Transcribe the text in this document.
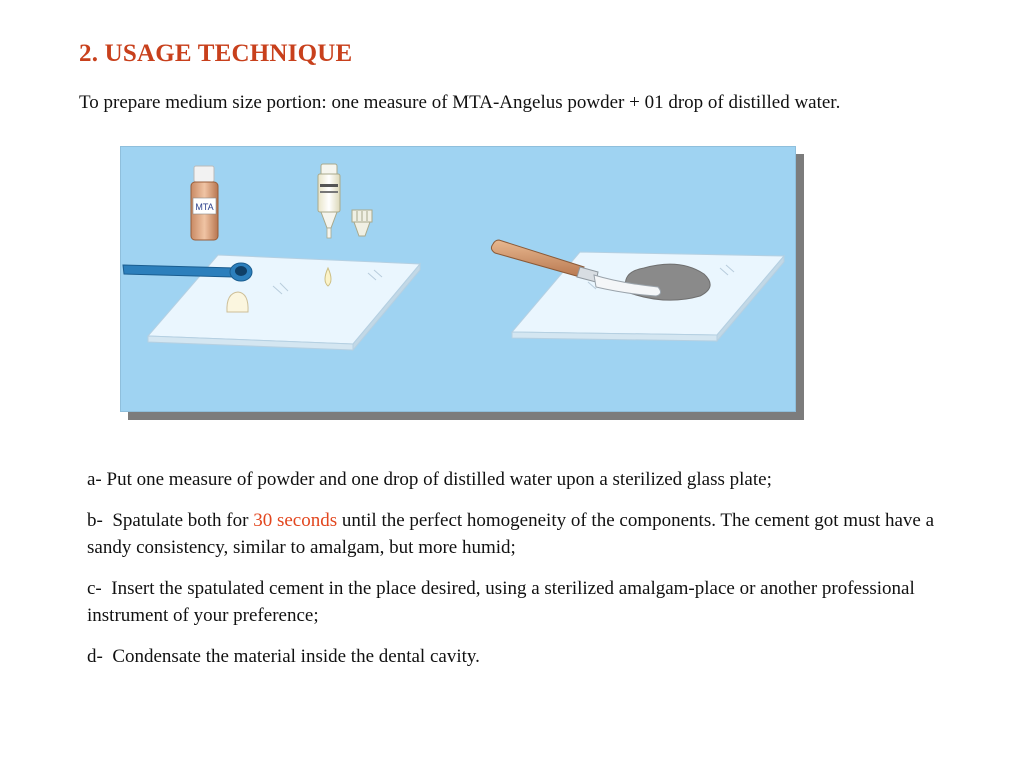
2. USAGE TECHNIQUE

To prepare medium size portion: one measure of MTA-Angelus powder + 01 drop of distilled water.

MTA

a- Put one measure of powder and one drop of distilled water upon a sterilized glass plate;

b- Spatulate both for 30 seconds until the perfect homogeneity of the components. The cement got must have a sandy consistency, similar to amalgam, but more humid;

c- Insert the spatulated cement in the place desired, using a sterilized amalgam-place or another professional instrument of your preference;

d- Condensate the material inside the dental cavity.
